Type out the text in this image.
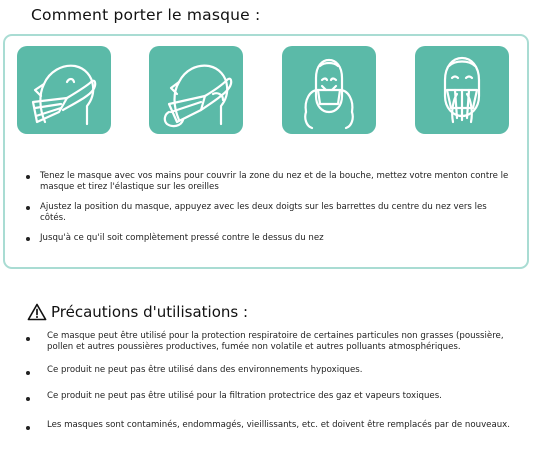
Comment porter le masque :
Tenez le masque avec vos mains pour couvrir la zone du nez et de la bouche, mettez votre menton contre le masque et tirez l'élastique sur les oreilles
Ajustez la position du masque, appuyez avec les deux doigts sur les barrettes du centre du nez vers les côtés.
Jusqu'à ce qu'il soit complètement pressé contre le dessus du nez
Précautions d'utilisations :
Ce masque peut être utilisé pour la protection respiratoire de certaines particules non grasses (poussière, pollen et autres poussières productives, fumée non volatile et autres polluants atmosphériques.
Ce produit ne peut pas être utilisé dans des environnements hypoxiques.
Ce produit ne peut pas être utilisé pour la filtration protectrice des gaz et vapeurs toxiques.
Les masques sont contaminés, endommagés, vieillissants, etc. et doivent être remplacés par de nouveaux.
